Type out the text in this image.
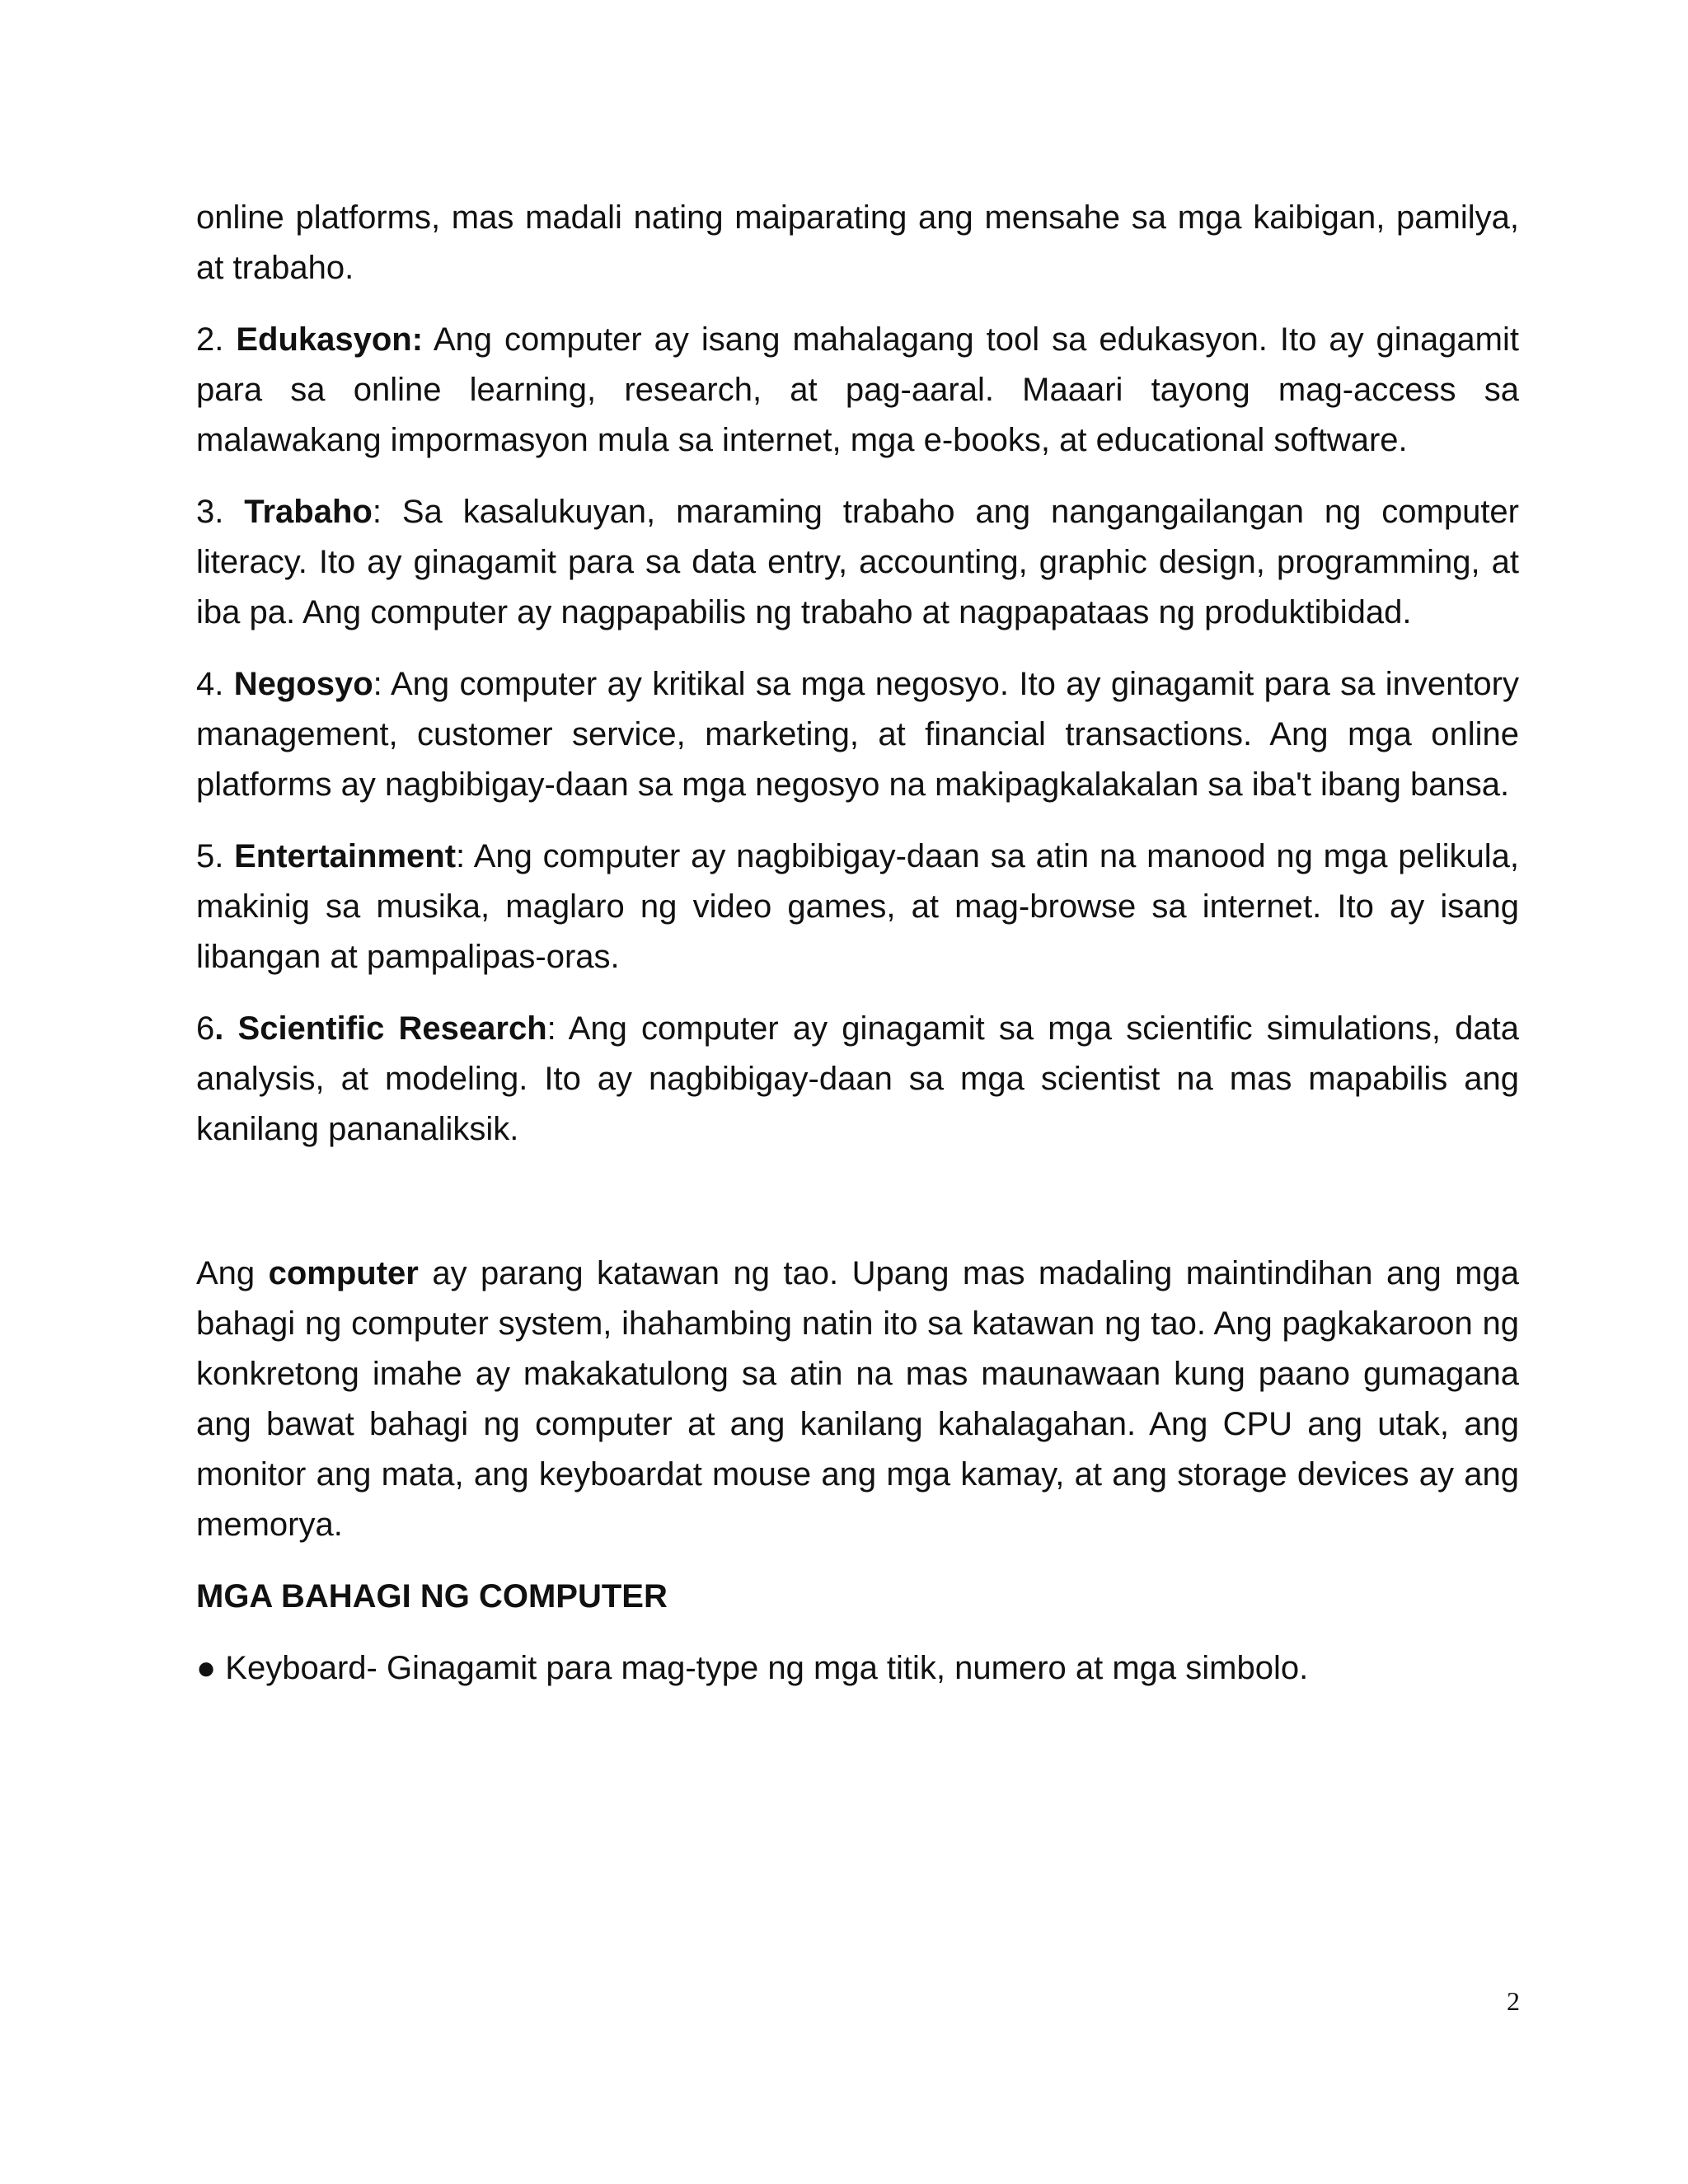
online platforms, mas madali nating maiparating ang mensahe sa mga kaibigan, pamilya, at trabaho.

2. Edukasyon: Ang computer ay isang mahalagang tool sa edukasyon. Ito ay ginagamit para sa online learning, research, at pag-aaral. Maaari tayong mag-access sa malawakang impormasyon mula sa internet, mga e-books, at educational software.

3. Trabaho: Sa kasalukuyan, maraming trabaho ang nangangailangan ng computer literacy. Ito ay ginagamit para sa data entry, accounting, graphic design, programming, at iba pa. Ang computer ay nagpapabilis ng trabaho at nagpapataas ng produktibidad.

4. Negosyo: Ang computer ay kritikal sa mga negosyo. Ito ay ginagamit para sa inventory management, customer service, marketing, at financial transactions. Ang mga online platforms ay nagbibigay-daan sa mga negosyo na makipagkalakalan sa iba't ibang bansa.

5. Entertainment: Ang computer ay nagbibigay-daan sa atin na manood ng mga pelikula, makinig sa musika, maglaro ng video games, at mag-browse sa internet. Ito ay isang libangan at pampalipas-oras.

6. Scientific Research: Ang computer ay ginagamit sa mga scientific simulations, data analysis, at modeling. Ito ay nagbibigay-daan sa mga scientist na mas mapabilis ang kanilang pananaliksik.

Ang computer ay parang katawan ng tao. Upang mas madaling maintindihan ang mga bahagi ng computer system, ihahambing natin ito sa katawan ng tao. Ang pagkakaroon ng konkretong imahe ay makakatulong sa atin na mas maunawaan kung paano gumagana ang bawat bahagi ng computer at ang kanilang kahalagahan. Ang CPU ang utak, ang monitor ang mata, ang keyboardat mouse ang mga kamay, at ang storage devices ay ang memorya.

MGA BAHAGI NG COMPUTER

● Keyboard- Ginagamit para mag-type ng mga titik, numero at mga simbolo.

2
